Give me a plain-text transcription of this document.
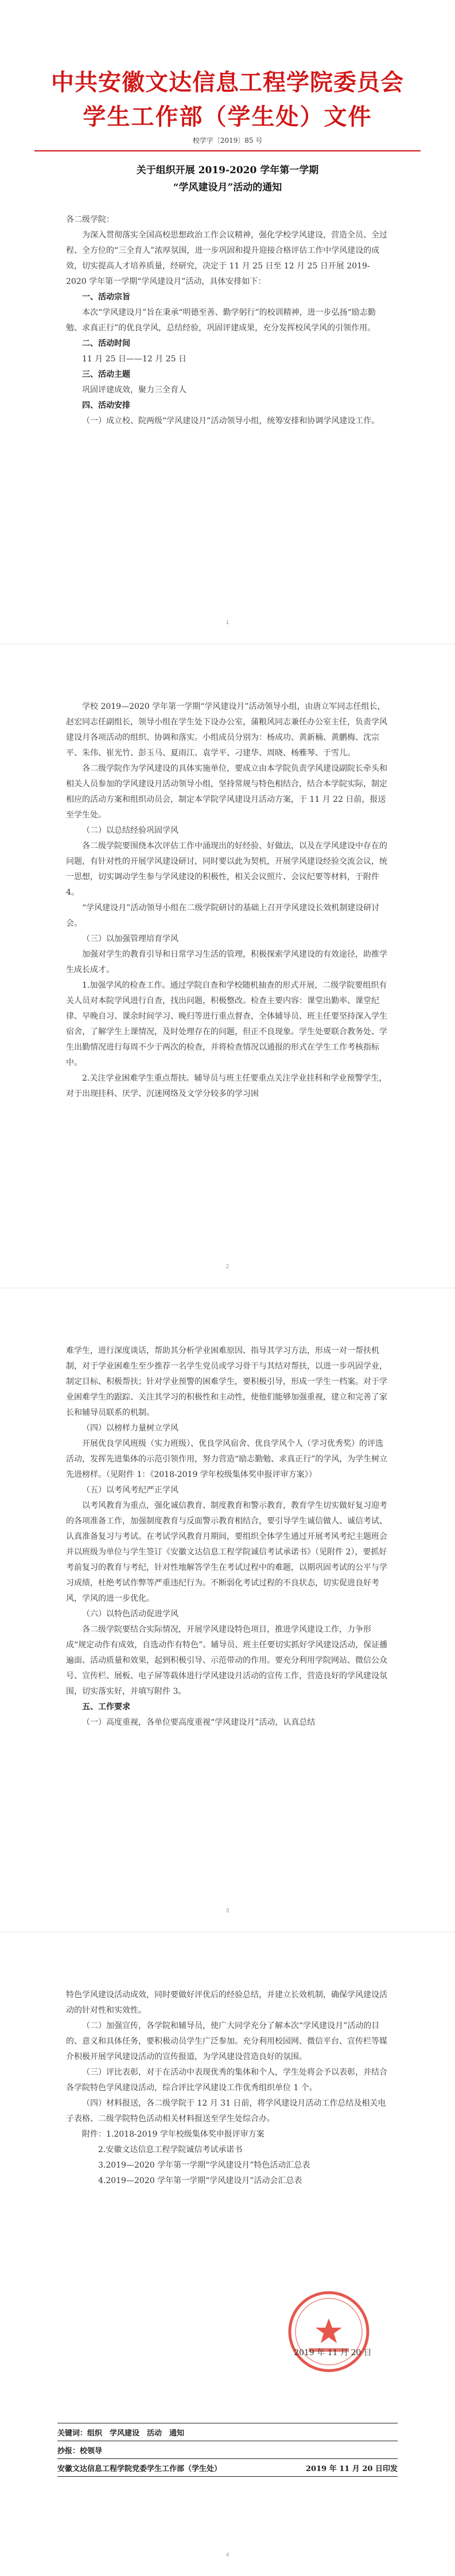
中共安徽文达信息工程学院委员会
学生工作部（学生处）文件
校学字〔2019〕85 号
关于组织开展 2019-2020 学年第一学期
“学风建设月”活动的通知

各二级学院：

为深入贯彻落实全国高校思想政治工作会议精神，强化学校学风建设，营造全员、全过程、全方位的“三全育人”浓厚氛围，进一步巩固和提升迎接合格评估工作中学风建设的成效，切实提高人才培养质量，经研究，决定于 11 月 25 日至 12 月 25 日开展 2019-2020 学年第一学期“学风建设月”活动，具体安排如下：

一、活动宗旨

本次“学风建设月”旨在秉承“明德至善、勤学躬行”的校训精神，进一步弘扬“励志勤勉、求真正行”的优良学风，总结经验，巩固评建成果，充分发挥校风学风的引领作用。

二、活动时间

11 月 25 日——12 月 25 日

三、活动主题

巩固评建成效，聚力三全育人

四、活动安排

（一）成立校、院两级“学风建设月”活动领导小组，统筹安排和协调学风建设工作。

1

学校 2019—2020 学年第一学期“学风建设月”活动领导小组，由唐立军同志任组长，赵宏同志任副组长，领导小组在学生处下设办公室，蒲粮风同志兼任办公室主任，负责学风建设月各项活动的组织、协调和落实。小组成员分别为：杨成功、黄新楠、黄鹏梅、沈宗平、朱伟、崔光竹、彭玉马、夏雨江、袁学平、刁建华、周晓、杨雅琴、于雪儿。

各二级学院作为学风建设的具体实施单位，要成立由本学院负责学风建设副院长牵头和相关人员参加的学风建设月活动领导小组，坚持常规与特色相结合，结合本学院实际，制定相应的活动方案和组织动员会，制定本学院学风建设月活动方案，于 11 月 22 日前，报送至学生处。

（二）以总结经验巩固学风

各二级学院要围绕本次评估工作中涌现出的好经验、好做法，以及在学风建设中存在的问题，有针对性的开展学风建设研讨，同时要以此为契机，开展学风建设经验交流会议，统一思想，切实调动学生参与学风建设的积极性，相关会议照片、会议纪要等材料，于附件 4。

“学风建设月”活动领导小组在二级学院研讨的基础上召开学风建设长效机制建设研讨会。

（三）以加强管理培育学风

加强对学生的教育引导和日常学习生活的管理，积极探索学风建设的有效途径，助推学生成长成才。

1.加强学风的检查工作。通过学院自查和学校随机抽查的形式开展，二级学院要组织有关人员对本院学风进行自查，找出问题，积极整改。检查主要内容：课堂出勤率、课堂纪律、早晚自习、课余时间学习、晚归等进行重点督查，全体辅导员、班主任要坚持深入学生宿舍，了解学生上课情况，及时处理存在的问题，但正不良现象。学生处要联合教务处、学生出勤情况进行每周不少于两次的检查，并将检查情况以通报的形式在学生工作考核指标中。

2.关注学业困难学生重点帮扶。辅导员与班主任要重点关注学业挂科和学业预警学生，对于出现挂科、厌学、沉迷网络及文学分较多的学习困

2

难学生，进行深度谈话，帮助其分析学业困难原因、指导其学习方法，形成一对一帮扶机制，对于学业困难生至少推荐一名学生党员或学习骨干与其结对帮扶，以进一步巩固学业，制定目标、积极帮扶；针对学业预警的困难学生，要积极引导，形成一学生一档案。对于学业困难学生的跟踪、关注其学习的积极性和主动性，使他们能够加强重视，建立和完善了家长和辅导员联系的机制。

（四）以榜样力量树立学风

开展优良学风班级（实力班级）、优良学风宿舍、优良学风个人（学习优秀奖）的评选活动，发挥先进集体的示范引领作用，努力营造“励志勤勉、求真正行”的学风，为学生树立先进榜样。（见附件 1：《2018-2019 学年校级集体奖申报评审方案》）

（五）以考风考纪严正学风

以考风教育为重点，强化诚信教育、制度教育和警示教育，教育学生切实做好复习迎考的各项准备工作，加强制度教育与反面警示教育相结合，要引导学生诚信做人、诚信考试、认真准备复习与考试。在考试学风教育月期间，要组织全体学生通过开展考风考纪主题班会并以班级为单位与学生签订《安徽文达信息工程学院诚信考试承诺书》（见附件 2），要抓好考前复习的教育与考纪，针对性地解答学生在考试过程中的难题，以期巩固考试的公平与学习成绩，杜绝考试作弊等严重违纪行为。不断弱化考试过程的不良状态，切实促进良好考风，学风的进一步优化。

（六）以特色活动促进学风

各二级学院要结合实际情况，开展学风建设特色项目，推进学风建设工作，力争形成“规定动作有成效，自选动作有特色”。辅导员、班主任要切实抓好学风建设活动，保证播遍面、活动质量和效果，起到积极引导、示范带动的作用。要充分利用学院网站、微信公众号、宣传栏、展板、电子屏等载体进行学风建设月活动的宣传工作，营造良好的学风建设氛围，切实落实好，并填写附件 3。

五、工作要求

（一）高度重视，各单位要高度重视“学风建设月”活动，认真总结

3

特色学风建设活动成效，同时要做好评优后的经验总结，并建立长效机制，确保学风建设活动的针对性和实效性。

（二）加强宣传，各学院和辅导员，使广大同学充分了解本次“学风建设月”活动的目的、意义和具体任务，要积极动员学生广泛参加。充分利用校园网、微信平台、宣传栏等媒介积极开展学风建设活动的宣传报道，为学风建设营造良好的氛围。

（三）评比表彰，对于在活动中表现优秀的集体和个人，学生处将会予以表彰，并结合各学院特色学风建设活动，综合评比学风建设工作优秀组织单位 1 个。

（四）材料报送，各二级学院于 12 月 31 日前，将学风建设月活动工作总结及相关电子表格、二级学院特色活动相关材料报送至学生处综合办。

附件：1.2018-2019 学年校级集体奖申报评审方案

2.安徽文达信息工程学院诚信考试承诺书

3.2019—2020 学年第一学期“学风建设月”特色活动汇总表

4.2019—2020 学年第一学期“学风建设月”活动会汇总表

2019 年 11 月 20 日
关键词：组织　学风建设　活动　通知
抄报：校领导
安徽文达信息工程学院党委学生工作部（学生处）	2019 年 11 月 20 日印发
4
